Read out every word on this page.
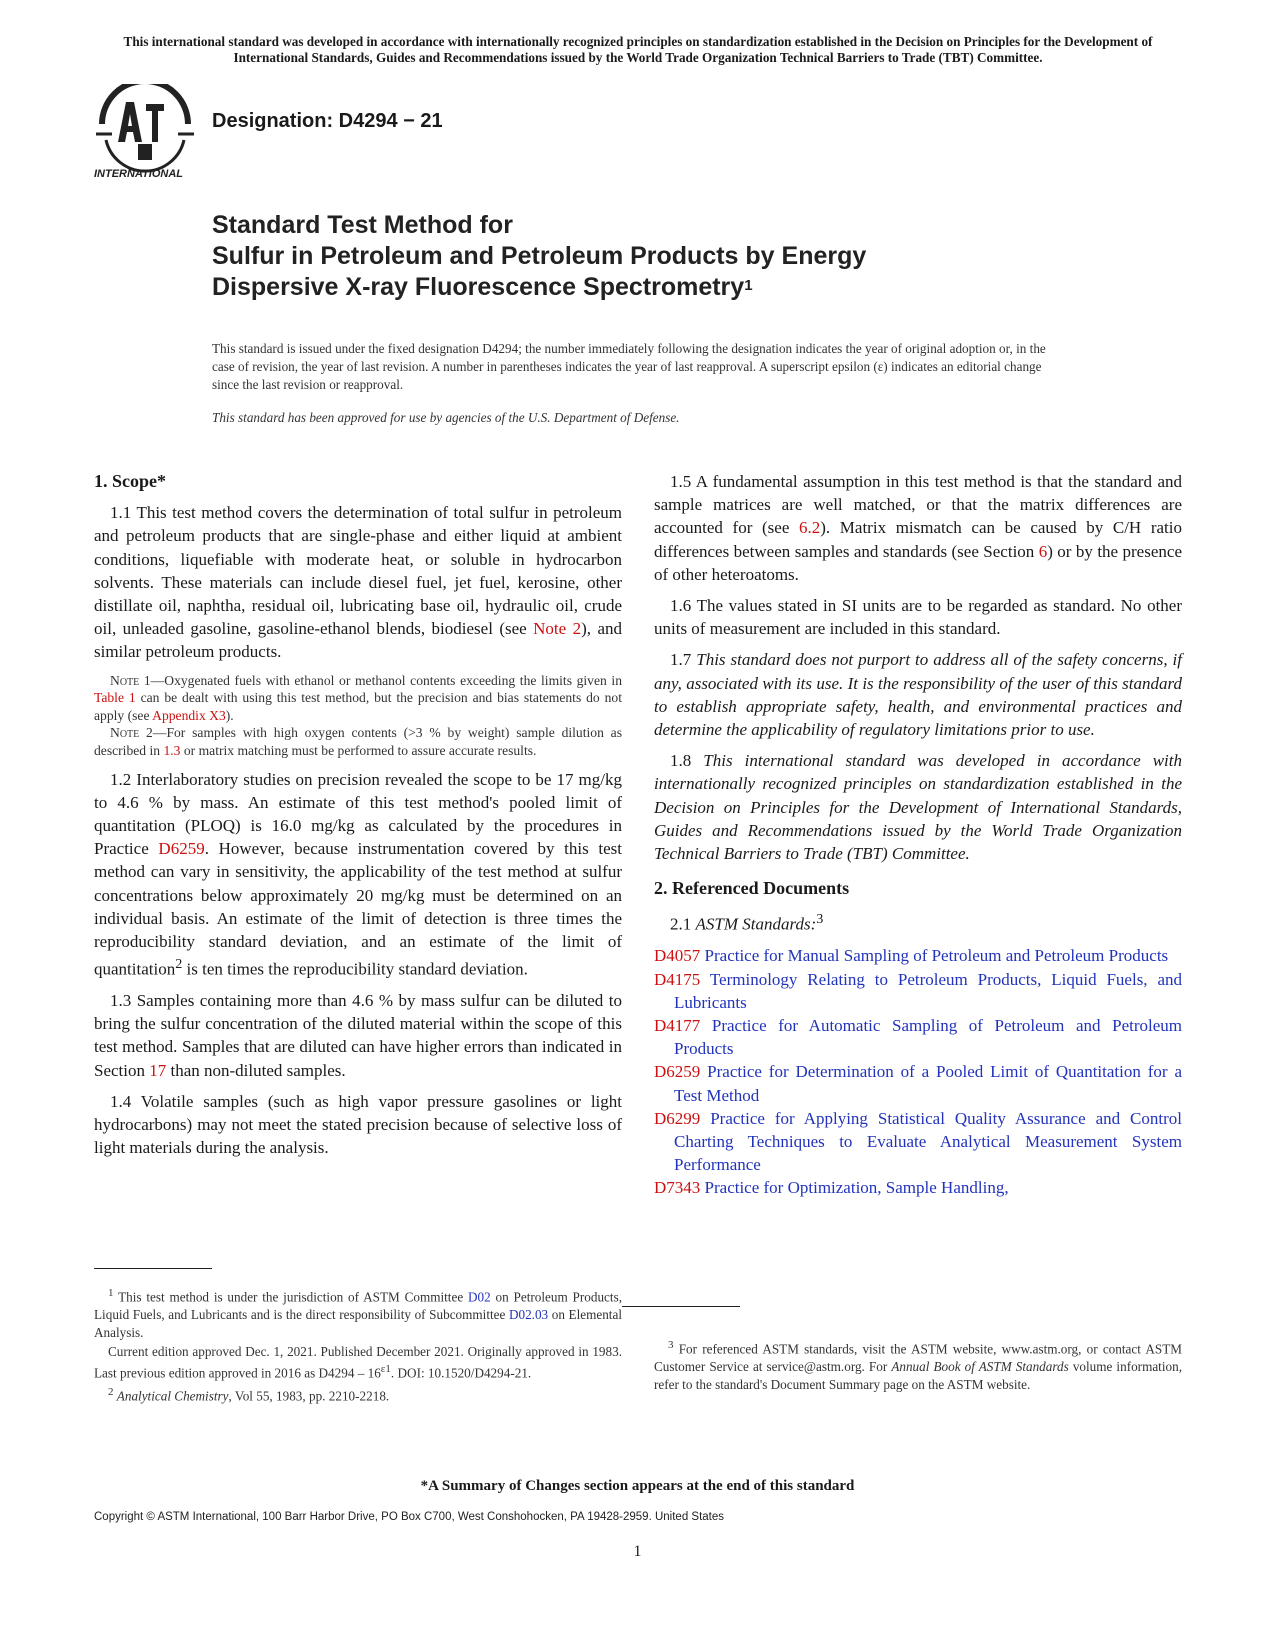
This international standard was developed in accordance with internationally recognized principles on standardization established in the Decision on Principles for the Development of International Standards, Guides and Recommendations issued by the World Trade Organization Technical Barriers to Trade (TBT) Committee.
INTERNATIONAL
Designation: D4294 − 21
Standard Test Method for
Sulfur in Petroleum and Petroleum Products by Energy
Dispersive X-ray Fluorescence Spectrometry$^1$
This standard is issued under the fixed designation D4294; the number immediately following the designation indicates the year of original adoption or, in the case of revision, the year of last revision. A number in parentheses indicates the year of last reapproval. A superscript epsilon (ε) indicates an editorial change since the last revision or reapproval.
This standard has been approved for use by agencies of the U.S. Department of Defense.
1. Scope*

1.1 This test method covers the determination of total sulfur in petroleum and petroleum products that are single-phase and either liquid at ambient conditions, liquefiable with moderate heat, or soluble in hydrocarbon solvents. These materials can include diesel fuel, jet fuel, kerosine, other distillate oil, naphtha, residual oil, lubricating base oil, hydraulic oil, crude oil, unleaded gasoline, gasoline-ethanol blends, biodiesel (see Note 2), and similar petroleum products.

Note 1—Oxygenated fuels with ethanol or methanol contents exceeding the limits given in Table 1 can be dealt with using this test method, but the precision and bias statements do not apply (see Appendix X3).

Note 2—For samples with high oxygen contents (>3 % by weight) sample dilution as described in 1.3 or matrix matching must be performed to assure accurate results.

1.2 Interlaboratory studies on precision revealed the scope to be 17 mg/kg to 4.6 % by mass. An estimate of this test method's pooled limit of quantitation (PLOQ) is 16.0 mg/kg as calculated by the procedures in Practice D6259. However, because instrumentation covered by this test method can vary in sensitivity, the applicability of the test method at sulfur concentrations below approximately 20 mg/kg must be determined on an individual basis. An estimate of the limit of detection is three times the reproducibility standard deviation, and an estimate of the limit of quantitation$^2$ is ten times the reproducibility standard deviation.

1.3 Samples containing more than 4.6 % by mass sulfur can be diluted to bring the sulfur concentration of the diluted material within the scope of this test method. Samples that are diluted can have higher errors than indicated in Section 17 than non-diluted samples.

1.4 Volatile samples (such as high vapor pressure gasolines or light hydrocarbons) may not meet the stated precision because of selective loss of light materials during the analysis.

1.5 A fundamental assumption in this test method is that the standard and sample matrices are well matched, or that the matrix differences are accounted for (see 6.2). Matrix mismatch can be caused by C/H ratio differences between samples and standards (see Section 6) or by the presence of other heteroatoms.

1.6 The values stated in SI units are to be regarded as standard. No other units of measurement are included in this standard.

1.7 This standard does not purport to address all of the safety concerns, if any, associated with its use. It is the responsibility of the user of this standard to establish appropriate safety, health, and environmental practices and determine the applicability of regulatory limitations prior to use.

1.8 This international standard was developed in accordance with internationally recognized principles on standardization established in the Decision on Principles for the Development of International Standards, Guides and Recommendations issued by the World Trade Organization Technical Barriers to Trade (TBT) Committee.

2. Referenced Documents

2.1 ASTM Standards:$^3$

D4057 Practice for Manual Sampling of Petroleum and Petroleum Products

D4175 Terminology Relating to Petroleum Products, Liquid Fuels, and Lubricants

D4177 Practice for Automatic Sampling of Petroleum and Petroleum Products

D6259 Practice for Determination of a Pooled Limit of Quantitation for a Test Method

D6299 Practice for Applying Statistical Quality Assurance and Control Charting Techniques to Evaluate Analytical Measurement System Performance

D7343 Practice for Optimization, Sample Handling,

$^1$ This test method is under the jurisdiction of ASTM Committee D02 on Petroleum Products, Liquid Fuels, and Lubricants and is the direct responsibility of Subcommittee D02.03 on Elemental Analysis.

Current edition approved Dec. 1, 2021. Published December 2021. Originally approved in 1983. Last previous edition approved in 2016 as $D4294 - 16^{\varepsilon 1}$. DOI: 10.1520/D4294-21.

$^2$ Analytical Chemistry, Vol 55, 1983, pp. 2210-2218.

$^3$ For referenced ASTM standards, visit the ASTM website, www.astm.org, or contact ASTM Customer Service at service@astm.org. For Annual Book of ASTM Standards volume information, refer to the standard's Document Summary page on the ASTM website.

*A Summary of Changes section appears at the end of this standard
Copyright © ASTM International, 100 Barr Harbor Drive, PO Box C700, West Conshohocken, PA 19428-2959. United States
1
